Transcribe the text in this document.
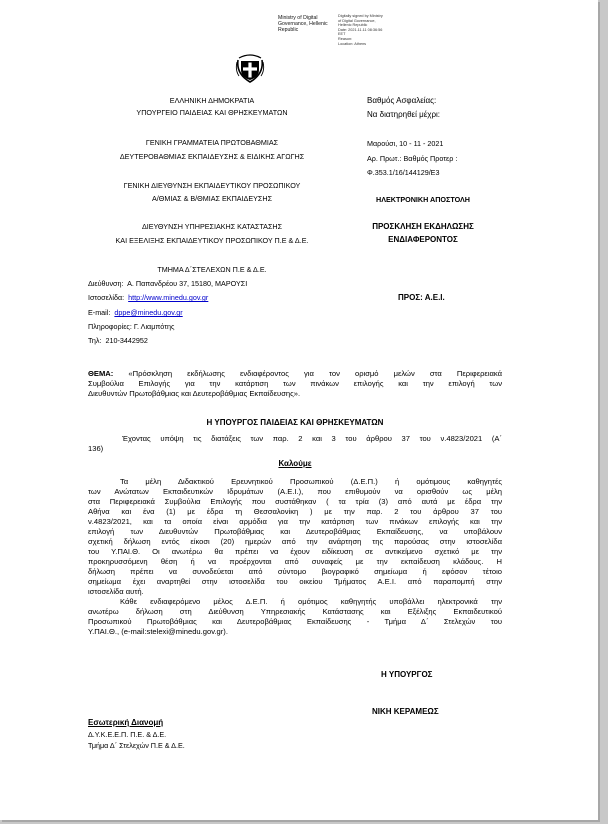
Ministry of Digital Governance, Hellenic Republic
Digitally signed by Ministry
of Digital Governance,
Hellenic Republic
Date: 2021.11.11 08:36:56
EET
Reason:
Location: Athens
ΕΛΛΗΝΙΚΗ ΔΗΜΟΚΡΑΤΙΑ
ΥΠΟΥΡΓΕΙΟ ΠΑΙΔΕΙΑΣ ΚΑΙ ΘΡΗΣΚΕΥΜΑΤΩΝ
ΓΕΝΙΚΗ ΓΡΑΜΜΑΤΕΙΑ ΠΡΩΤΟΒΑΘΜΙΑΣ
ΔΕΥΤΕΡΟΒΑΘΜΙΑΣ ΕΚΠΑΙΔΕΥΣΗΣ & ΕΙΔΙΚΗΣ ΑΓΩΓΗΣ
ΓΕΝΙΚΗ ΔΙΕΥΘΥΝΣΗ ΕΚΠΑΙΔΕΥΤΙΚΟΥ ΠΡΟΣΩΠΙΚΟΥ
Α/ΘΜΙΑΣ & Β/ΘΜΙΑΣ ΕΚΠΑΙΔΕΥΣΗΣ
ΔΙΕΥΘΥΝΣΗ ΥΠΗΡΕΣΙΑΚΗΣ ΚΑΤΑΣΤΑΣΗΣ
ΚΑΙ ΕΞΕΛΙΞΗΣ ΕΚΠΑΙΔΕΥΤΙΚΟΥ ΠΡΟΣΩΠΙΚΟΥ Π.Ε & Δ.Ε.
ΤΜΗΜΑ Δ΄ΣΤΕΛΕΧΩΝ Π.Ε & Δ.Ε.
Διεύθυνση: Α. Παπανδρέου 37, 15180, ΜΑΡΟΥΣΙ
Ιστοσελίδα: http://www.minedu.gov.gr
E-mail: dppe@minedu.gov.gr
Πληροφορίες: Γ. Λιαμπότης
Τηλ: 210-3442952
Βαθμός Ασφαλείας:
Να διατηρηθεί μέχρι:
Μαρούσι, 10 - 11 - 2021
Αρ. Πρωτ.: Βαθμός Προτερ :
Φ.353.1/16/144129/Ε3
ΗΛΕΚΤΡΟΝΙΚΗ ΑΠΟΣΤΟΛΗ
ΠΡΟΣΚΛΗΣΗ ΕΚΔΗΛΩΣΗΣ
ΕΝΔΙΑΦΕΡΟΝΤΟΣ
ΠΡΟΣ: Α.Ε.Ι.
ΘΕΜΑ: «Πρόσκληση εκδήλωσης ενδιαφέροντος για τον ορισμό μελών στα Περιφερειακά
Συμβούλια Επιλογής για την κατάρτιση των πινάκων επιλογής και την επιλογή των
Διευθυντών Πρωτοβάθμιας και Δευτεροβάθμιας Εκπαίδευσης».
Η ΥΠΟΥΡΓΟΣ ΠΑΙΔΕΙΑΣ ΚΑΙ ΘΡΗΣΚΕΥΜΑΤΩΝ
Έχοντας υπόψη τις διατάξεις των παρ. 2 και 3 του άρθρου 37 του ν.4823/2021 (Α΄
136)
Καλούμε
Τα μέλη Διδακτικού Ερευνητικού Προσωπικού (Δ.Ε.Π.) ή ομότιμους καθηγητές
των Ανώτατων Εκπαιδευτικών Ιδρυμάτων (Α.Ε.Ι.), που επιθυμούν να ορισθούν ως μέλη
στα Περιφερειακά Συμβούλια Επιλογής που συστάθηκαν ( τα τρία (3) από αυτά με έδρα την
Αθήνα και ένα (1) με έδρα τη Θεσσαλονίκη ) με την παρ. 2 του άρθρου 37 του
ν.4823/2021, και τα οποία είναι αρμόδια για την κατάρτιση των πινάκων επιλογής και την
επιλογή των Διευθυντών Πρωτοβάθμιας και Δευτεροβάθμιας Εκπαίδευσης, να υποβάλουν
σχετική δήλωση εντός είκοσι (20) ημερών από την ανάρτηση της παρούσας στην ιστοσελίδα
του Υ.ΠΑΙ.Θ. Οι ανωτέρω θα πρέπει να έχουν ειδίκευση σε αντικείμενο σχετικό με την
προκηρυσσόμενη θέση ή να προέρχονται από συναφείς με την εκπαίδευση κλάδους. Η
δήλωση πρέπει να συνοδεύεται από σύντομο βιογραφικό σημείωμα ή εφόσον τέτοιο
σημείωμα έχει αναρτηθεί στην ιστοσελίδα του οικείου Τμήματος Α.Ε.Ι. από παραπομπή στην
ιστοσελίδα αυτή.
Κάθε ενδιαφερόμενο μέλος Δ.Ε.Π. ή ομότιμος καθηγητής υποβάλλει ηλεκτρονικά την
ανωτέρω δήλωση στη Διεύθυνση Υπηρεσιακής Κατάστασης και Εξέλιξης Εκπαιδευτικού
Προσωπικού Πρωτοβάθμιας και Δευτεροβάθμιας Εκπαίδευσης - Τμήμα Δ΄ Στελεχών του
Υ.ΠΑΙ.Θ., (e-mail:stelexi@minedu.gov.gr).
Η ΥΠΟΥΡΓΟΣ
ΝΙΚΗ ΚΕΡΑΜΕΩΣ
Εσωτερική Διανομή
Δ.Υ.Κ.Ε.Ε.Π. Π.Ε. & Δ.Ε.
Τμήμα Δ΄ Στελεχών Π.Ε & Δ.Ε.
